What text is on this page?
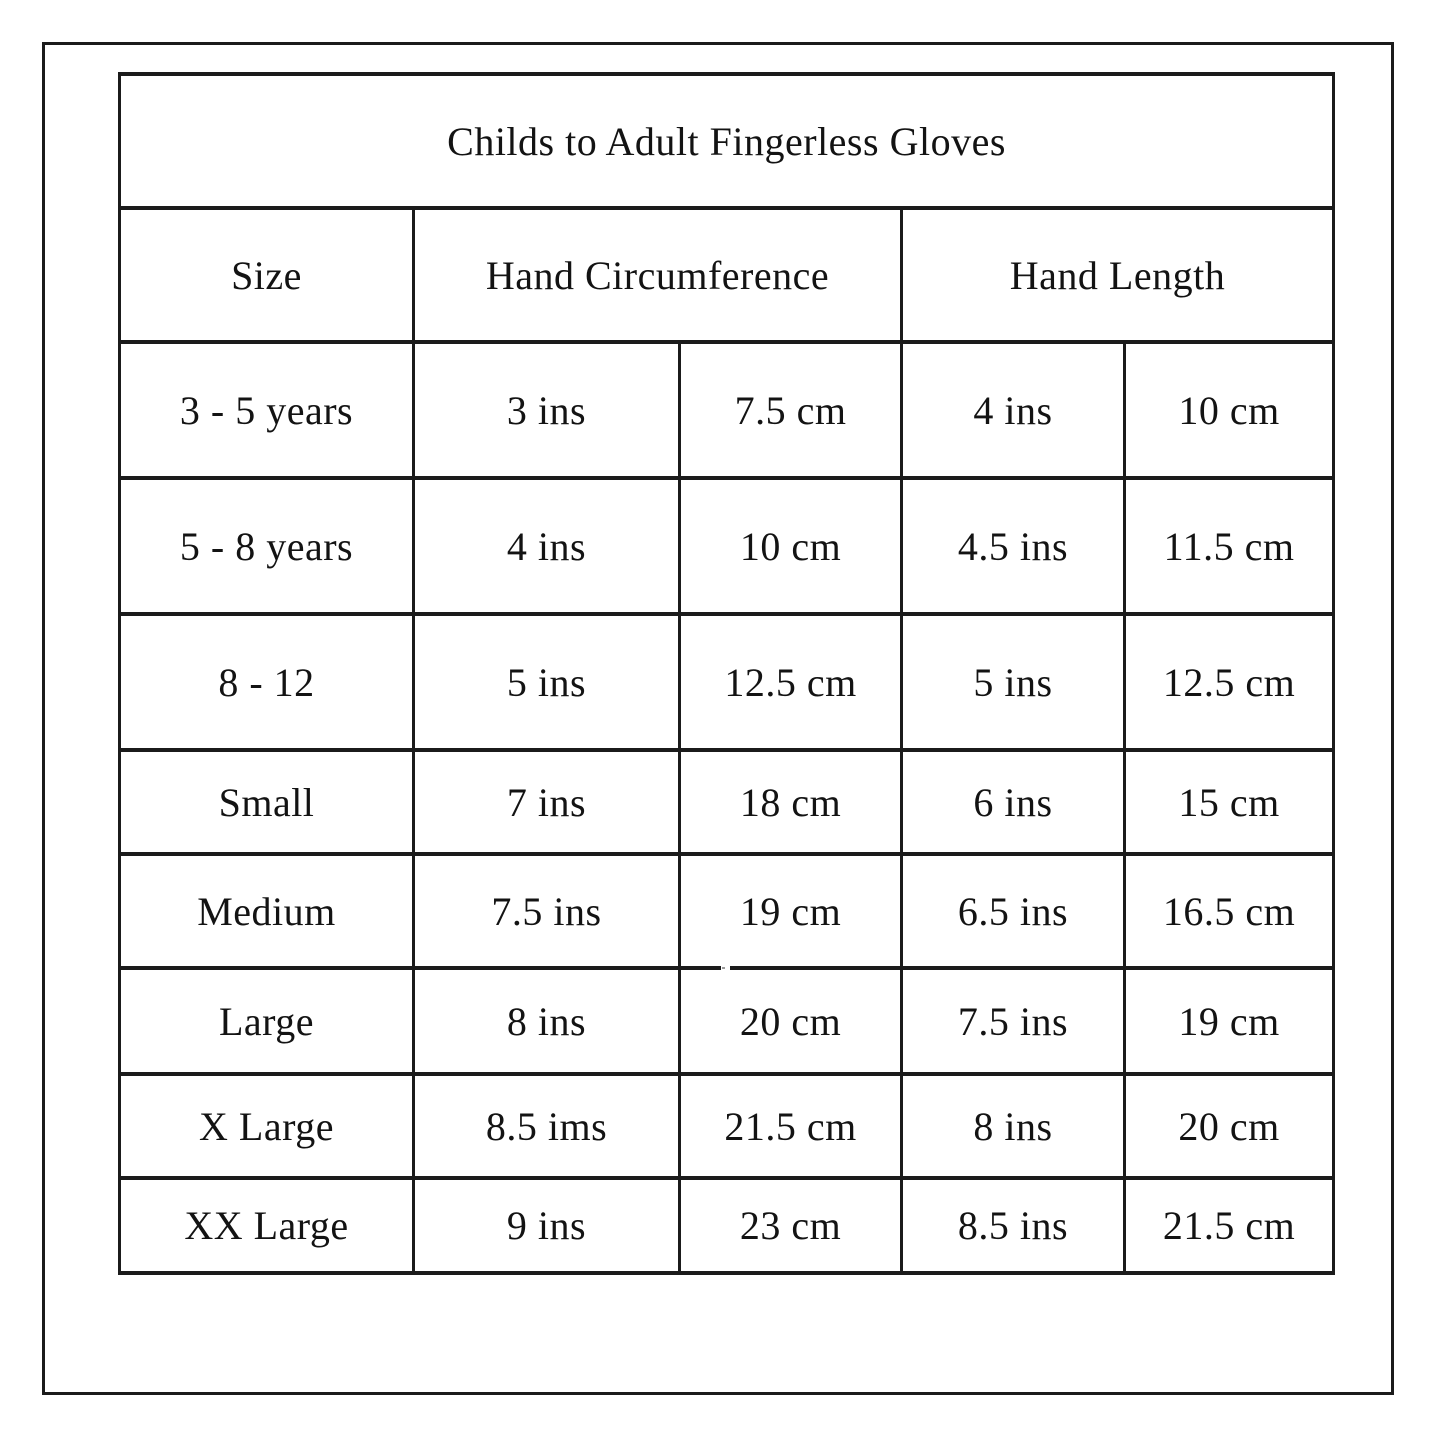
Childs to Adult Fingerless Gloves				
Size	Hand Circumference		Hand Length	
3 - 5 years	3 ins	7.5 cm	4 ins	10 cm
5 - 8 years	4 ins	10 cm	4.5 ins	11.5 cm
8 - 12	5 ins	12.5 cm	5 ins	12.5 cm
Small	7 ins	18 cm	6 ins	15 cm
Medium	7.5 ins	19 cm	6.5 ins	16.5 cm
Large	8 ins	20 cm	7.5 ins	19 cm
X Large	8.5 ims	21.5 cm	8 ins	20 cm
XX Large	9 ins	23 cm	8.5 ins	21.5 cm
